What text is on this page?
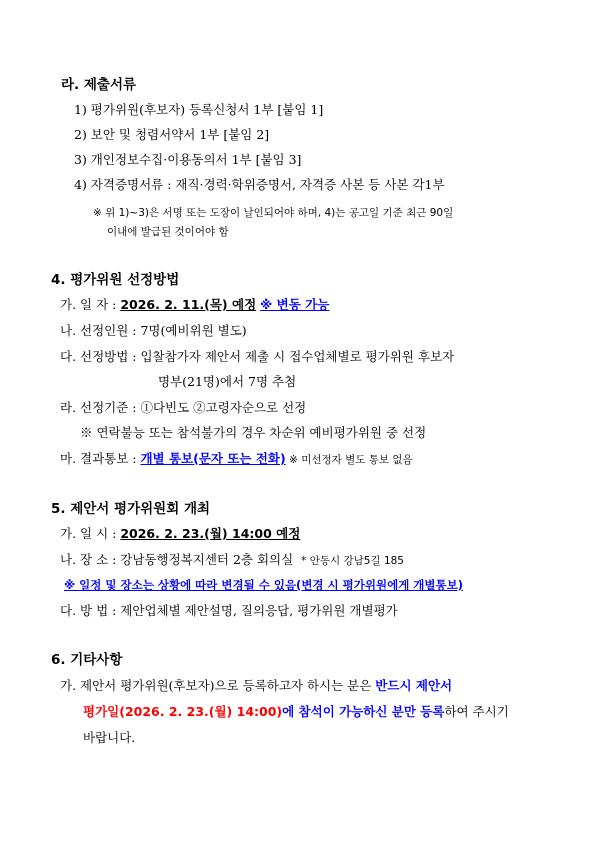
라. 제출서류
1) 평가위원(후보자) 등록신청서 1부 [붙임 1]
2) 보안 및 청렴서약서 1부 [붙임 2]
3) 개인정보수집·이용동의서 1부 [붙임 3]
4) 자격증명서류 : 재직·경력·학위증명서, 자격증 사본 등 사본 각1부
※ 위 1)~3)은 서명 또는 도장이 날인되어야 하며, 4)는 공고일 기준 최근 90일
이내에 발급된 것이어야 함
4. 평가위원 선정방법
가. 일 자 : 2026. 2. 11.(목) 예정 ※ 변동 가능
나. 선정인원 : 7명(예비위원 별도)
다. 선정방법 : 입찰참가자 제안서 제출 시 접수업체별로 평가위원 후보자
명부(21명)에서 7명 추첨
라. 선정기준 : ①다빈도 ②고령자순으로 선정
※ 연락불능 또는 참석불가의 경우 차순위 예비평가위원 중 선정
마. 결과통보 : 개별 통보(문자 또는 전화) ※ 미선정자 별도 통보 없음
5. 제안서 평가위원회 개최
가. 일 시 : 2026. 2. 23.(월) 14:00 예정
나. 장 소 : 강남동행정복지센터 2층 회의실 * 안동시 강남5길 185
※ 일정 및 장소는 상황에 따라 변경될 수 있음(변경 시 평가위원에게 개별통보)
다. 방 법 : 제안업체별 제안설명, 질의응답, 평가위원 개별평가
6. 기타사항
가. 제안서 평가위원(후보자)으로 등록하고자 하시는 분은 반드시 제안서
평가일(2026. 2. 23.(월) 14:00)에 참석이 가능하신 분만 등록하여 주시기
바랍니다.
